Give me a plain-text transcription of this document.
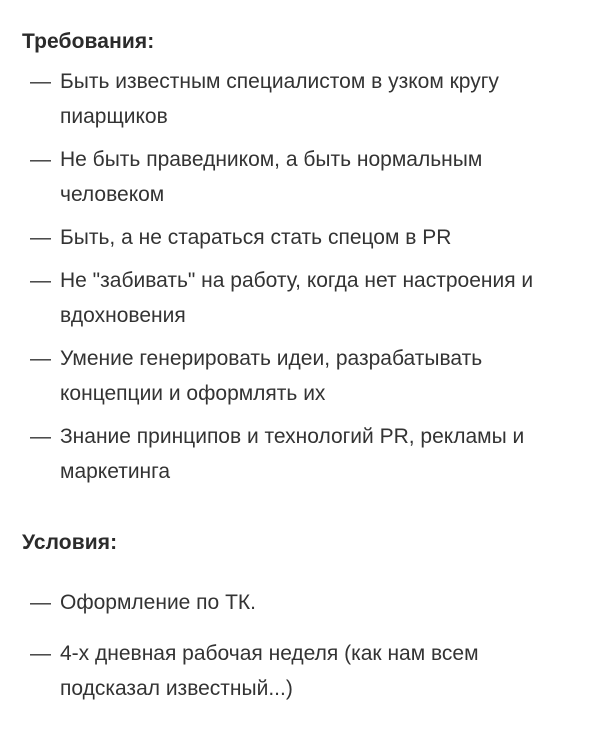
Требования:
— Быть известным специалистом в узком кругу пиарщиков
— Не быть праведником, а быть нормальным человеком
— Быть, а не стараться стать спецом в PR
— Не "забивать" на работу, когда нет настроения и вдохновения
— Умение генерировать идеи, разрабатывать концепции и оформлять их
— Знание принципов и технологий PR, рекламы и маркетинга
Условия:
— Оформление по ТК.
— 4-х дневная рабочая неделя (как нам всем подсказал известный...)
